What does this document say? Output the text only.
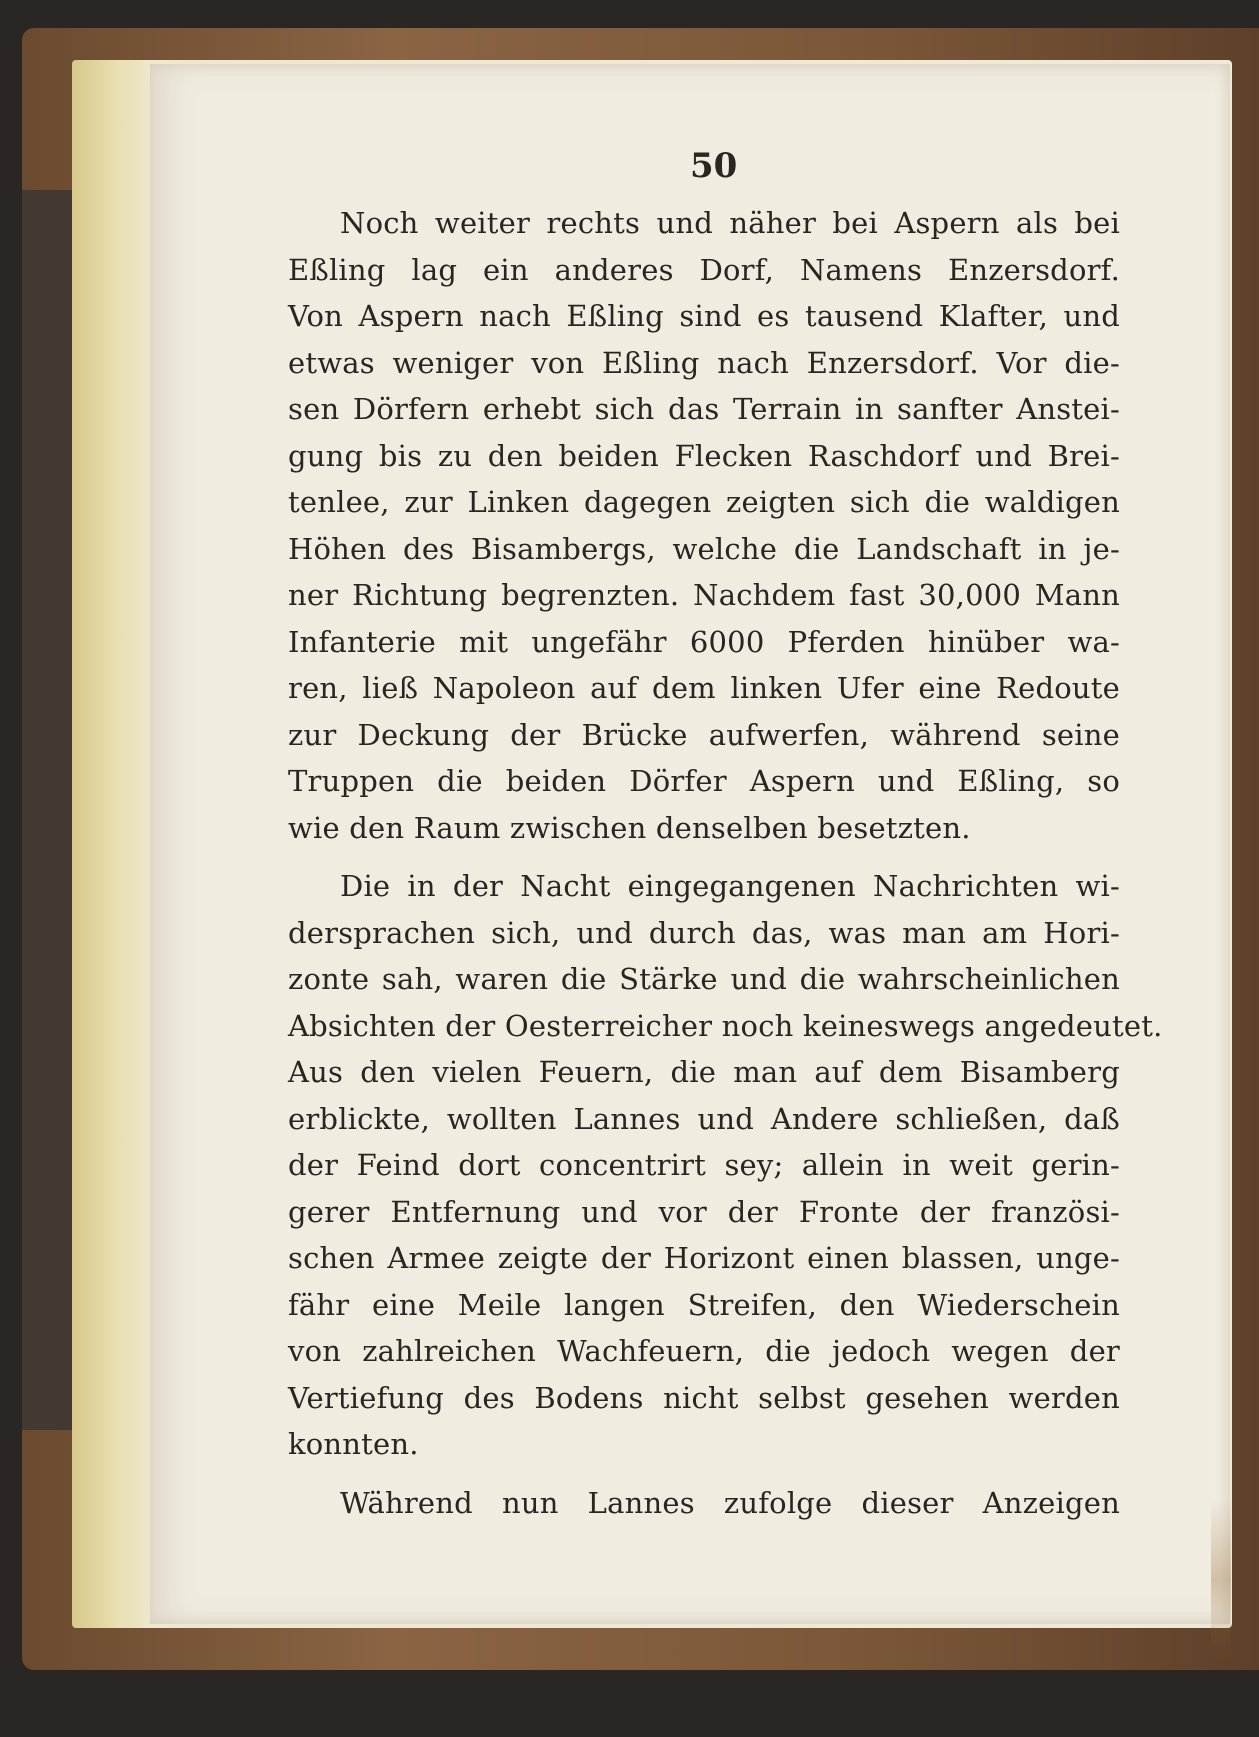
50
Noch weiter rechts und näher bei Aspern als bei
Eßling lag ein anderes Dorf, Namens Enzersdorf.
Von Aspern nach Eßling sind es tausend Klafter, und
etwas weniger von Eßling nach Enzersdorf. Vor die-
sen Dörfern erhebt sich das Terrain in sanfter Anstei-
gung bis zu den beiden Flecken Raschdorf und Brei-
tenlee, zur Linken dagegen zeigten sich die waldigen
Höhen des Bisambergs, welche die Landschaft in je-
ner Richtung begrenzten. Nachdem fast 30,000 Mann
Infanterie mit ungefähr 6000 Pferden hinüber wa-
ren, ließ Napoleon auf dem linken Ufer eine Redoute
zur Deckung der Brücke aufwerfen, während seine
Truppen die beiden Dörfer Aspern und Eßling, so
wie den Raum zwischen denselben besetzten.
Die in der Nacht eingegangenen Nachrichten wi-
dersprachen sich, und durch das, was man am Hori-
zonte sah, waren die Stärke und die wahrscheinlichen
Absichten der Oesterreicher noch keineswegs angedeutet.
Aus den vielen Feuern, die man auf dem Bisamberg
erblickte, wollten Lannes und Andere schließen, daß
der Feind dort concentrirt sey; allein in weit gerin-
gerer Entfernung und vor der Fronte der französi-
schen Armee zeigte der Horizont einen blassen, unge-
fähr eine Meile langen Streifen, den Wiederschein
von zahlreichen Wachfeuern, die jedoch wegen der
Vertiefung des Bodens nicht selbst gesehen werden
konnten.
Während nun Lannes zufolge dieser Anzeigen
